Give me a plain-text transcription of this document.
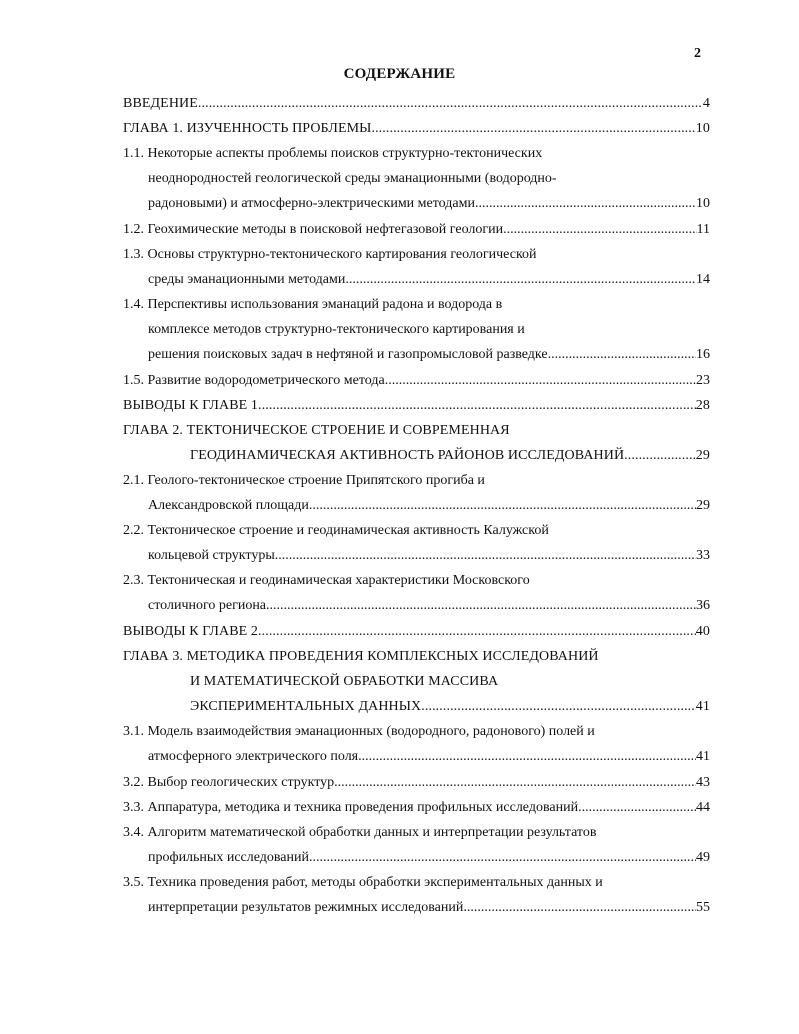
2
СОДЕРЖАНИЕ
ВВЕДЕНИЕ .....	4
ГЛАВА 1. ИЗУЧЕННОСТЬ ПРОБЛЕМЫ .....	10
1.1. Некоторые аспекты проблемы поисков структурно-тектонических
неоднородностей геологической среды эманационными (водородно-
радоновыми) и атмосферно-электрическими методами .....	10
1.2. Геохимические методы в поисковой нефтегазовой геологии .....	11
1.3. Основы структурно-тектонического картирования геологической
среды эманационными методами .....	14
1.4. Перспективы использования эманаций радона и водорода в
комплексе методов структурно-тектонического картирования и
решения поисковых задач в нефтяной и газопромысловой разведке .....	16
1.5. Развитие водородометрического метода .....	23
ВЫВОДЫ К ГЛАВЕ 1 .....	28
ГЛАВА 2. ТЕКТОНИЧЕСКОЕ СТРОЕНИЕ И СОВРЕМЕННАЯ
ГЕОДИНАМИЧЕСКАЯ АКТИВНОСТЬ РАЙОНОВ ИССЛЕДОВАНИЙ .....	29
2.1. Геолого-тектоническое строение Припятского прогиба и
Александровской площади .....	29
2.2. Тектоническое строение и геодинамическая активность Калужской
кольцевой структуры .....	33
2.3. Тектоническая и геодинамическая характеристики Московского
столичного региона .....	36
ВЫВОДЫ К ГЛАВЕ 2 .....	40
ГЛАВА 3. МЕТОДИКА ПРОВЕДЕНИЯ КОМПЛЕКСНЫХ ИССЛЕДОВАНИЙ
И МАТЕМАТИЧЕСКОЙ ОБРАБОТКИ МАССИВА
ЭКСПЕРИМЕНТАЛЬНЫХ ДАННЫХ .....	41
3.1. Модель взаимодействия эманационных (водородного, радонового) полей и
атмосферного электрического поля .....	41
3.2. Выбор геологических структур .....	43
3.3. Аппаратура, методика и техника проведения профильных исследований .....	44
3.4. Алгоритм математической обработки данных и интерпретации результатов
профильных исследований .....	49
3.5. Техника проведения работ, методы обработки экспериментальных данных и
интерпретации результатов режимных исследований .....	55
